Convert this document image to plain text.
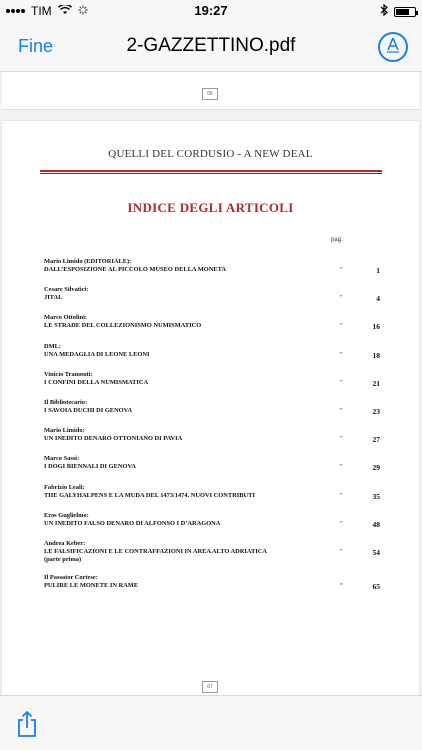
TIM	19:27
Fine	2-GAZZETTINO.pdf
66
QUELLI DEL CORDUSIO - A NEW DEAL
INDICE DEGLI ARTICOLI
pag.
Mario Limido (EDITORIALE):
DALL’ESPOSIZIONE AL PICCOLO MUSEO DELLA MONETA	"	1
Cesare Silvatici:
JITAL	"	4
Marco Ottolini:
LE STRADE DEL COLLEZIONISMO NUMISMATICO	"	16
DML:
UNA MEDAGLIA DI LEONE LEONI	"	18
Vinicio Tramonti:
I CONFINI DELLA NUMISMATICA	"	21
Il Bibliotecario:
I SAVOIA DUCHI DI GENOVA	"	23
Mario Limido:
UN INEDITO DENARO OTTONIANO DI PAVIA	"	27
Marco Sassi:
I DOGI BIENNALI DI GENOVA	"	29
Fabrizio Leali:
THE GALYHALPENS E LA MUDA DEL 1473/1474. NUOVI CONTRIBUTI	"	35
Eros Guglielmo:
UN INEDITO FALSO DENARO DI ALFONSO I D’ARAGONA	"	48
Andrea Keber:
LE FALSIFICAZIONI E LE CONTRAFFAZIONI IN AREA ALTO ADRIATICA
(parte prima)
"	54
Il Passator Cortese:
PULIRE LE MONETE IN RAME	“	65
67
